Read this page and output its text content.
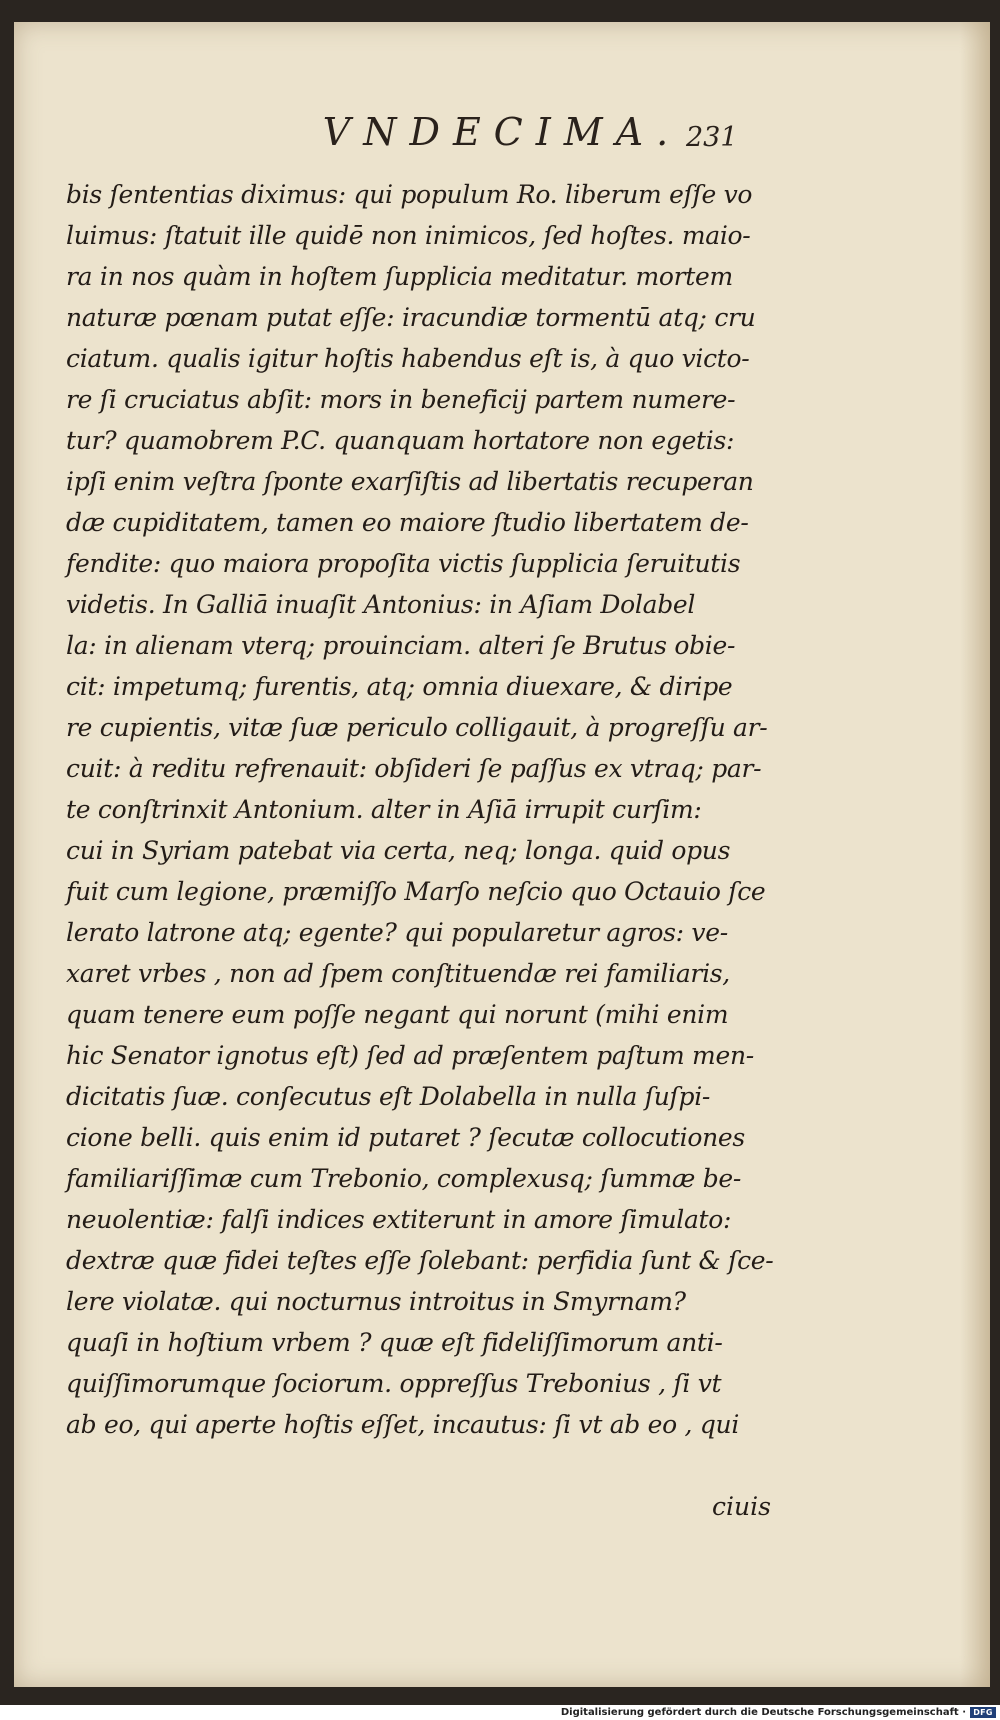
VNDECIMA. 231
bis ſententias diximus: qui populum Ro. liberum eſſe vo
luimus: ſtatuit ille quidē non inimicos, ſed hoſtes. maio-
ra in nos quàm in hoſtem ſupplicia meditatur. mortem
naturæ pœnam putat eſſe: iracundiæ tormentū atq; cru
ciatum. qualis igitur hoſtis habendus eſt is, à quo victo-
re ſi cruciatus abſit: mors in beneficij partem numere-
tur? quamobrem P.C. quanquam hortatore non egetis:
ipſi enim veſtra ſponte exarſiſtis ad libertatis recuperan
dæ cupiditatem, tamen eo maiore ſtudio libertatem de-
fendite: quo maiora propoſita victis ſupplicia ſeruitutis
videtis. In Galliā inuaſit Antonius: in Aſiam Dolabel
la: in alienam vterq; prouinciam. alteri ſe Brutus obie-
cit: impetumq; furentis, atq; omnia diuexare, & diripe
re cupientis, vitæ ſuæ periculo colligauit, à progreſſu ar-
cuit: à reditu refrenauit: obſideri ſe paſſus ex vtraq; par-
te conſtrinxit Antonium. alter in Aſiā irrupit curſim:
cui in Syriam patebat via certa, neq; longa. quid opus
fuit cum legione, præmiſſo Marſo neſcio quo Octauio ſce
lerato latrone atq; egente? qui popularetur agros: ve-
xaret vrbes , non ad ſpem conſtituendæ rei familiaris,
quam tenere eum poſſe negant qui norunt (mihi enim
hic Senator ignotus eſt) ſed ad præſentem paſtum men-
dicitatis ſuæ. conſecutus eſt Dolabella in nulla ſuſpi-
cione belli. quis enim id putaret ? ſecutæ collocutiones
familiariſſimæ cum Trebonio, complexusq; ſummæ be-
neuolentiæ: falſi indices extiterunt in amore ſimulato:
dextræ quæ fidei teſtes eſſe ſolebant: perfidia ſunt & ſce-
lere violatæ. qui nocturnus introitus in Smyrnam?
quaſi in hoſtium vrbem ? quæ eſt fideliſſimorum anti-
quiſſimorumque ſociorum. oppreſſus Trebonius , ſi vt
ab eo, qui aperte hoſtis eſſet, incautus: ſi vt ab eo , qui
ciuis
Digitalisierung gefördert durch die Deutsche Forschungsgemeinschaft · DFG
